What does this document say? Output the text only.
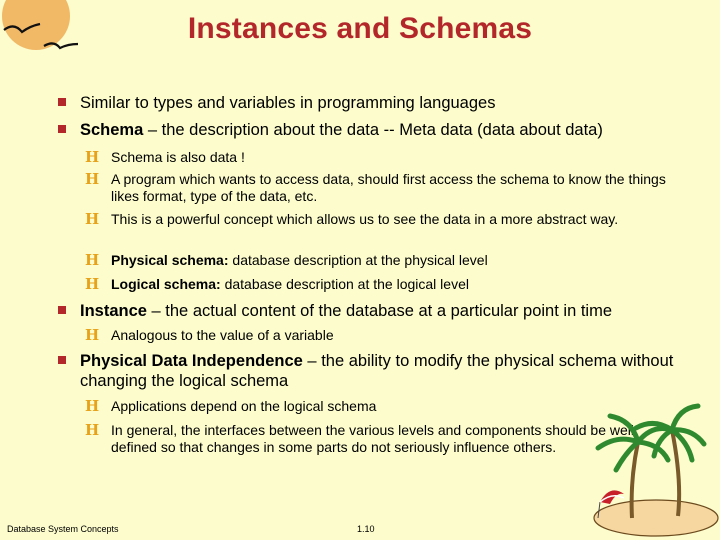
Instances and Schemas
Similar to types and variables in programming languages
Schema – the description about the data -- Meta data (data about data)
H Schema is also data !
H A program which wants to access data, should first access the schema to know the things likes format, type of the data, etc.
H This is a powerful concept which allows us to see the data in a more abstract way.
H Physical schema: database description at the physical level
H Logical schema: database description at the logical level
Instance – the actual content of the database at a particular point in time
H Analogous to the value of a variable
Physical Data Independence – the ability to modify the physical schema without changing the logical schema
H Applications depend on the logical schema
H In general, the interfaces between the various levels and components should be well defined so that changes in some parts do not seriously influence others.
Database System Concepts	1.10
